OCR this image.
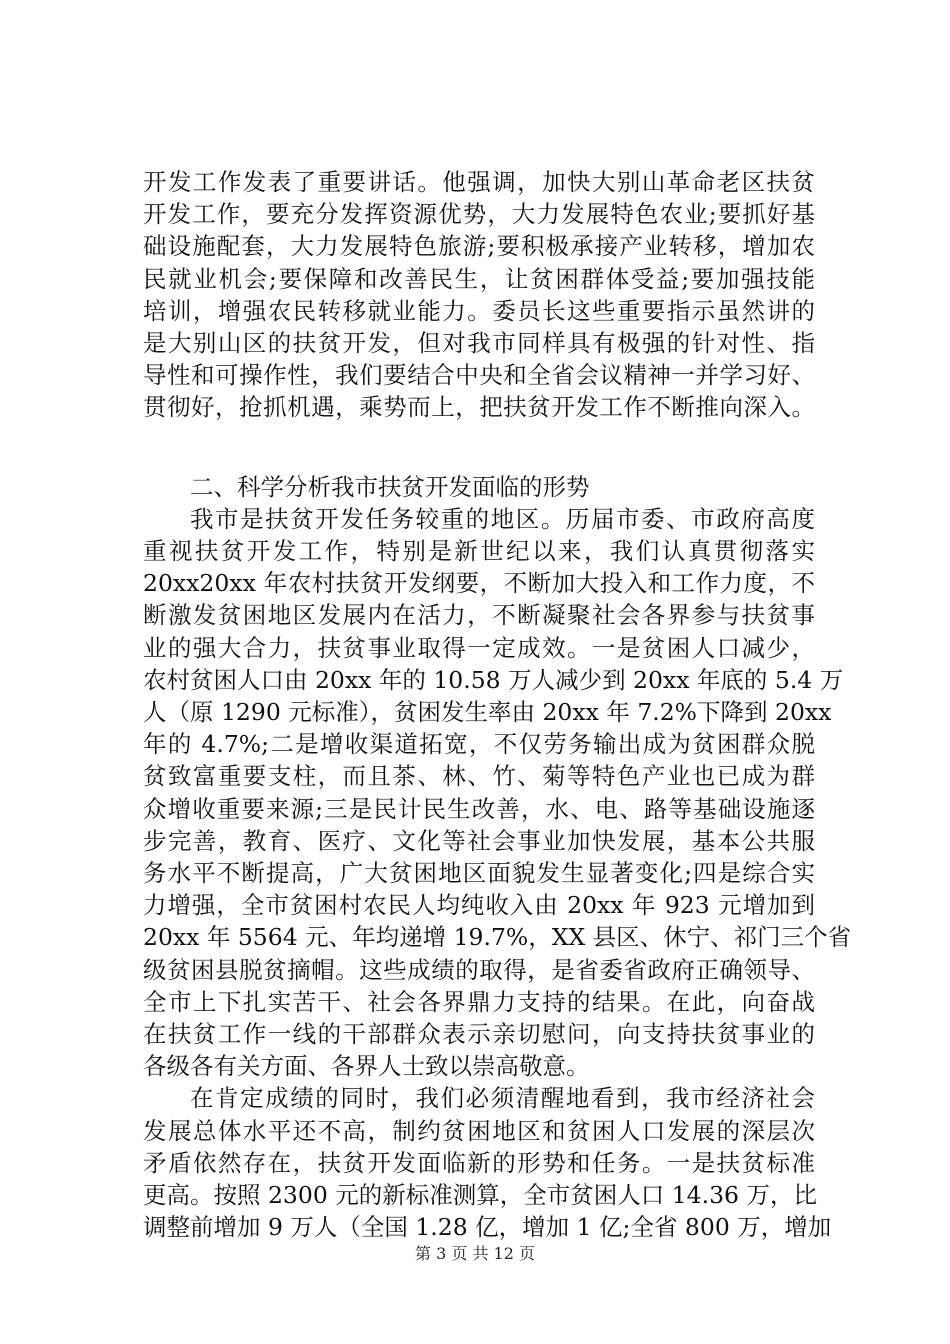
开发工作发表了重要讲话。他强调，加快大别山革命老区扶贫
开发工作，要充分发挥资源优势，大力发展特色农业;要抓好基
础设施配套，大力发展特色旅游;要积极承接产业转移，增加农
民就业机会;要保障和改善民生，让贫困群体受益;要加强技能
培训，增强农民转移就业能力。委员长这些重要指示虽然讲的
是大别山区的扶贫开发，但对我市同样具有极强的针对性、指
导性和可操作性，我们要结合中央和全省会议精神一并学习好、
贯彻好，抢抓机遇，乘势而上，把扶贫开发工作不断推向深入。
二、科学分析我市扶贫开发面临的形势
我市是扶贫开发任务较重的地区。历届市委、市政府高度
重视扶贫开发工作，特别是新世纪以来，我们认真贯彻落实
20xx20xx 年农村扶贫开发纲要，不断加大投入和工作力度，不
断激发贫困地区发展内在活力，不断凝聚社会各界参与扶贫事
业的强大合力，扶贫事业取得一定成效。一是贫困人口减少，
农村贫困人口由 20xx 年的 10.58 万人减少到 20xx 年底的 5.4 万
人（原 1290 元标准），贫困发生率由 20xx 年 7.2%下降到 20xx
年的 4.7%;二是增收渠道拓宽，不仅劳务输出成为贫困群众脱
贫致富重要支柱，而且茶、林、竹、菊等特色产业也已成为群
众增收重要来源;三是民计民生改善，水、电、路等基础设施逐
步完善，教育、医疗、文化等社会事业加快发展，基本公共服
务水平不断提高，广大贫困地区面貌发生显著变化;四是综合实
力增强，全市贫困村农民人均纯收入由 20xx 年 923 元增加到
20xx 年 5564 元、年均递增 19.7%，XX 县区、休宁、祁门三个省
级贫困县脱贫摘帽。这些成绩的取得，是省委省政府正确领导、
全市上下扎实苦干、社会各界鼎力支持的结果。在此，向奋战
在扶贫工作一线的干部群众表示亲切慰问，向支持扶贫事业的
各级各有关方面、各界人士致以崇高敬意。
在肯定成绩的同时，我们必须清醒地看到，我市经济社会
发展总体水平还不高，制约贫困地区和贫困人口发展的深层次
矛盾依然存在，扶贫开发面临新的形势和任务。一是扶贫标准
更高。按照 2300 元的新标准测算，全市贫困人口 14.36 万，比
调整前增加 9 万人（全国 1.28 亿，增加 1 亿;全省 800 万，增加
第 3 页 共 12 页
